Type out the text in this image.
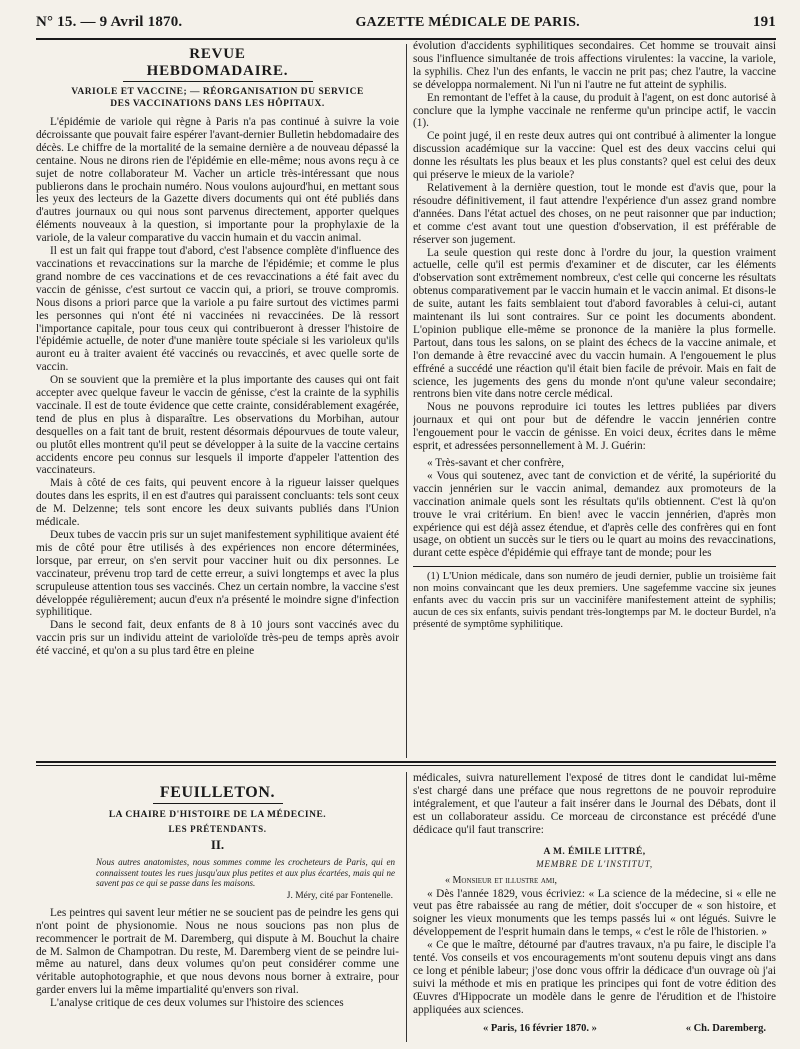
N° 15. — 9 Avril 1870.	GAZETTE MÉDICALE DE PARIS.	191
REVUE HEBDOMADAIRE.
VARIOLE ET VACCINE; — RÉORGANISATION DU SERVICE
DES VACCINATIONS DANS LES HÔPITAUX.

L'épidémie de variole qui règne à Paris n'a pas continué à suivre la voie décroissante que pouvait faire espérer l'avant-dernier Bulletin hebdomadaire des décès. Le chiffre de la mortalité de la semaine dernière a de nouveau dépassé la centaine. Nous ne dirons rien de l'épidémie en elle-même; nous avons reçu à ce sujet de notre collaborateur M. Vacher un article très-intéressant que nous publierons dans le prochain numéro. Nous voulons aujourd'hui, en mettant sous les yeux des lecteurs de la Gazette divers documents qui ont été publiés dans d'autres journaux ou qui nous sont parvenus directement, apporter quelques éléments nouveaux à la question, si importante pour la prophylaxie de la variole, de la valeur comparative du vaccin humain et du vaccin animal.

Il est un fait qui frappe tout d'abord, c'est l'absence complète d'influence des vaccinations et revaccinations sur la marche de l'épidémie; et comme le plus grand nombre de ces vaccinations et de ces revaccinations a été fait avec du vaccin de génisse, c'est surtout ce vaccin qui, a priori, se trouve compromis. Nous disons a priori parce que la variole a pu faire surtout des victimes parmi les personnes qui n'ont été ni vaccinées ni revaccinées. De là ressort l'importance capitale, pour tous ceux qui contribueront à dresser l'histoire de l'épidémie actuelle, de noter d'une manière toute spéciale si les varioleux qu'ils auront eu à traiter avaient été vaccinés ou revaccinés, et avec quelle sorte de vaccin.

On se souvient que la première et la plus importante des causes qui ont fait accepter avec quelque faveur le vaccin de génisse, c'est la crainte de la syphilis vaccinale. Il est de toute évidence que cette crainte, considérablement exagérée, tend de plus en plus à disparaître. Les observations du Morbihan, autour desquelles on a fait tant de bruit, restent désormais dépourvues de toute valeur, ou plutôt elles montrent qu'il peut se développer à la suite de la vaccine certains accidents encore peu connus sur lesquels il importe d'appeler l'attention des vaccinateurs.

Mais à côté de ces faits, qui peuvent encore à la rigueur laisser quelques doutes dans les esprits, il en est d'autres qui paraissent concluants: tels sont ceux de M. Delzenne; tels sont encore les deux suivants publiés dans l'Union médicale.

Deux tubes de vaccin pris sur un sujet manifestement syphilitique avaient été mis de côté pour être utilisés à des expériences non encore déterminées, lorsque, par erreur, on s'en servit pour vacciner huit ou dix personnes. Le vaccinateur, prévenu trop tard de cette erreur, a suivi longtemps et avec la plus scrupuleuse attention tous ses vaccinés. Chez un certain nombre, la vaccine s'est développée régulièrement; aucun d'eux n'a présenté le moindre signe d'infection syphilitique.

Dans le second fait, deux enfants de 8 à 10 jours sont vaccinés avec du vaccin pris sur un individu atteint de varioloïde très-peu de temps après avoir été vacciné, et qu'on a su plus tard être en pleine

évolution d'accidents syphilitiques secondaires. Cet homme se trouvait ainsi sous l'influence simultanée de trois affections virulentes: la vaccine, la variole, la syphilis. Chez l'un des enfants, le vaccin ne prit pas; chez l'autre, la vaccine se développa normalement. Ni l'un ni l'autre ne fut atteint de syphilis.

En remontant de l'effet à la cause, du produit à l'agent, on est donc autorisé à conclure que la lymphe vaccinale ne renferme qu'un principe actif, le vaccin (1).

Ce point jugé, il en reste deux autres qui ont contribué à alimenter la longue discussion académique sur la vaccine: Quel est des deux vaccins celui qui donne les résultats les plus beaux et les plus constants? quel est celui des deux qui préserve le mieux de la variole?

Relativement à la dernière question, tout le monde est d'avis que, pour la résoudre définitivement, il faut attendre l'expérience d'un assez grand nombre d'années. Dans l'état actuel des choses, on ne peut raisonner que par induction; et comme c'est avant tout une question d'observation, il est préférable de réserver son jugement.

La seule question qui reste donc à l'ordre du jour, la question vraiment actuelle, celle qu'il est permis d'examiner et de discuter, car les éléments d'observation sont extrêmement nombreux, c'est celle qui concerne les résultats obtenus comparativement par le vaccin humain et le vaccin animal. Et disons-le de suite, autant les faits semblaient tout d'abord favorables à celui-ci, autant maintenant ils lui sont contraires. Sur ce point les documents abondent. L'opinion publique elle-même se prononce de la manière la plus formelle. Partout, dans tous les salons, on se plaint des échecs de la vaccine animale, et l'on demande à être revacciné avec du vaccin humain. A l'engouement le plus effréné a succédé une réaction qu'il était bien facile de prévoir. Mais en fait de science, les jugements des gens du monde n'ont qu'une valeur secondaire; rentrons bien vite dans notre cercle médical.

Nous ne pouvons reproduire ici toutes les lettres publiées par divers journaux et qui ont pour but de défendre le vaccin jennérien contre l'engouement pour le vaccin de génisse. En voici deux, écrites dans le même esprit, et adressées personnellement à M. J. Guérin:

« Très-savant et cher confrère,

« Vous qui soutenez, avec tant de conviction et de vérité, la supériorité du vaccin jennérien sur le vaccin animal, demandez aux promoteurs de la vaccination animale quels sont les résultats qu'ils obtiennent. C'est là qu'on trouve le vrai critérium. En bien! avec le vaccin jennérien, d'après mon expérience qui est déjà assez étendue, et d'après celle des confrères qui en font usage, on obtient un succès sur le tiers ou le quart au moins des revaccinations, durant cette espèce d'épidémie qui effraye tant de monde; pour les

(1) L'Union médicale, dans son numéro de jeudi dernier, publie un troisième fait non moins convaincant que les deux premiers. Une sagefemme vaccine six jeunes enfants avec du vaccin pris sur un vaccinifère manifestement atteint de syphilis; aucun de ces six enfants, suivis pendant très-longtemps par M. le docteur Burdel, n'a présenté de symptôme syphilitique.

FEUILLETON.
LA CHAIRE D'HISTOIRE DE LA MÉDECINE.
LES PRÉTENDANTS.
II.
Nous autres anatomistes, nous sommes comme les crocheteurs de Paris, qui en connaissent toutes les rues jusqu'aux plus petites et aux plus écartées, mais qui ne savent pas ce qui se passe dans les maisons.
J. Méry, cité par Fontenelle.

Les peintres qui savent leur métier ne se soucient pas de peindre les gens qui n'ont point de physionomie. Nous ne nous soucions pas non plus de recommencer le portrait de M. Daremberg, qui dispute à M. Bouchut la chaire de M. Salmon de Champotran. Du reste, M. Daremberg vient de se peindre lui-même au naturel, dans deux volumes qu'on peut considérer comme une véritable autophotographie, et que nous devons nous borner à extraire, pour garder envers lui la même impartialité qu'envers son rival.

L'analyse critique de ces deux volumes sur l'histoire des sciences

médicales, suivra naturellement l'exposé de titres dont le candidat lui-même s'est chargé dans une préface que nous regrettons de ne pouvoir reproduire intégralement, et que l'auteur a fait insérer dans le Journal des Débats, dont il est un collaborateur assidu. Ce morceau de circonstance est précédé d'une dédicace qu'il faut transcrire:

A M. ÉMILE LITTRÉ,
MEMBRE DE L'INSTITUT,
« Monsieur et illustre ami,

« Dès l'année 1829, vous écriviez: « La science de la médecine, si « elle ne veut pas être rabaissée au rang de métier, doit s'occuper de « son histoire, et soigner les vieux monuments que les temps passés lui « ont légués. Suivre le développement de l'esprit humain dans le temps, « c'est le rôle de l'historien. »

« Ce que le maître, détourné par d'autres travaux, n'a pu faire, le disciple l'a tenté. Vos conseils et vos encouragements m'ont soutenu depuis vingt ans dans ce long et pénible labeur; j'ose donc vous offrir la dédicace d'un ouvrage où j'ai suivi la méthode et mis en pratique les principes qui font de votre édition des Œuvres d'Hippocrate un modèle dans le genre de l'érudition et de l'histoire appliquées aux sciences.

« Paris, 16 février 1870. »	« Ch. Daremberg.
